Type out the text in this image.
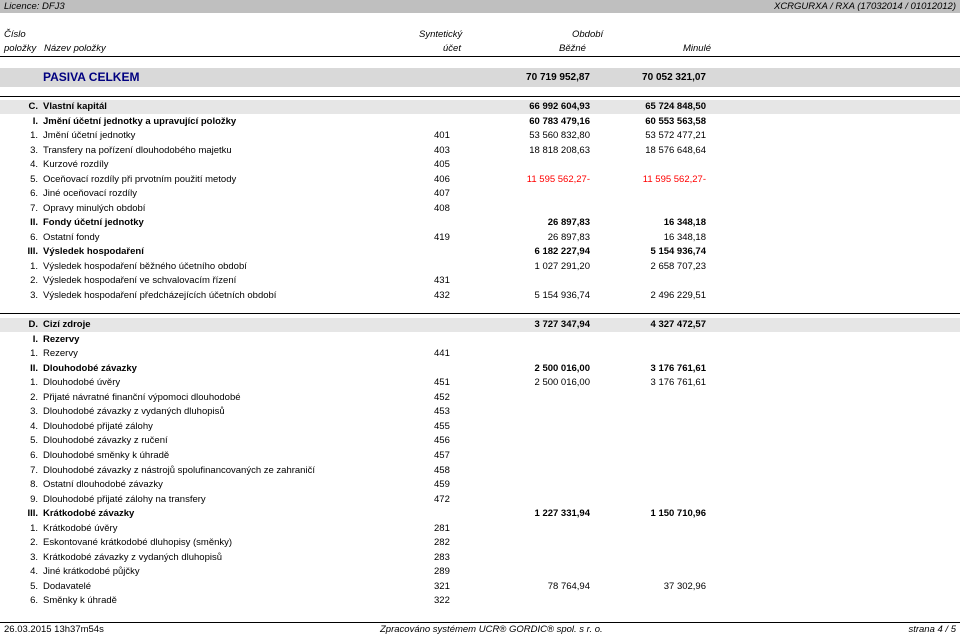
Licence: DFJ3	XCRGURXA / RXA (17032014 / 01012012)
Číslo
položky Název položky
Syntetický
účet
Období
Běžné	Minulé
PASIVA CELKEM	70 719 952,87	70 052 321,07
C. Vlastní kapitál	66 992 604,93	65 724 848,50
I. Jmění účetní jednotky a upravující položky	60 783 479,16	60 553 563,58
1. Jmění účetní jednotky	401	53 560 832,80	53 572 477,21
3. Transfery na pořízení dlouhodobého majetku	403	18 818 208,63	18 576 648,64
4. Kurzové rozdíly	405
5. Oceňovací rozdíly při prvotním použití metody	406	11 595 562,27-	11 595 562,27-
6. Jiné oceňovací rozdíly	407
7. Opravy minulých období	408
II. Fondy účetní jednotky	26 897,83	16 348,18
6. Ostatní fondy	419	26 897,83	16 348,18
III. Výsledek hospodaření	6 182 227,94	5 154 936,74
1. Výsledek hospodaření běžného účetního období	1 027 291,20	2 658 707,23
2. Výsledek hospodaření ve schvalovacím řízení	431
3. Výsledek hospodaření předcházejících účetních období	432	5 154 936,74	2 496 229,51
D. Cizí zdroje	3 727 347,94	4 327 472,57
I. Rezervy
1. Rezervy	441
II. Dlouhodobé závazky	2 500 016,00	3 176 761,61
1. Dlouhodobé úvěry	451	2 500 016,00	3 176 761,61
2. Přijaté návratné finanční výpomoci dlouhodobé	452
3. Dlouhodobé závazky z vydaných dluhopisů	453
4. Dlouhodobé přijaté zálohy	455
5. Dlouhodobé závazky z ručení	456
6. Dlouhodobé směnky k úhradě	457
7. Dlouhodobé závazky z nástrojů spolufinancovaných ze zahraničí	458
8. Ostatní dlouhodobé závazky	459
9. Dlouhodobé přijaté zálohy na transfery	472
III. Krátkodobé závazky	1 227 331,94	1 150 710,96
1. Krátkodobé úvěry	281
2. Eskontované krátkodobé dluhopisy (směnky)	282
3. Krátkodobé závazky z vydaných dluhopisů	283
4. Jiné krátkodobé půjčky	289
5. Dodavatelé	321	78 764,94	37 302,96
6. Směnky k úhradě	322
26.03.2015 13h37m54s	Zpracováno systémem UCR® GORDIC® spol. s r. o.	strana 4 / 5
